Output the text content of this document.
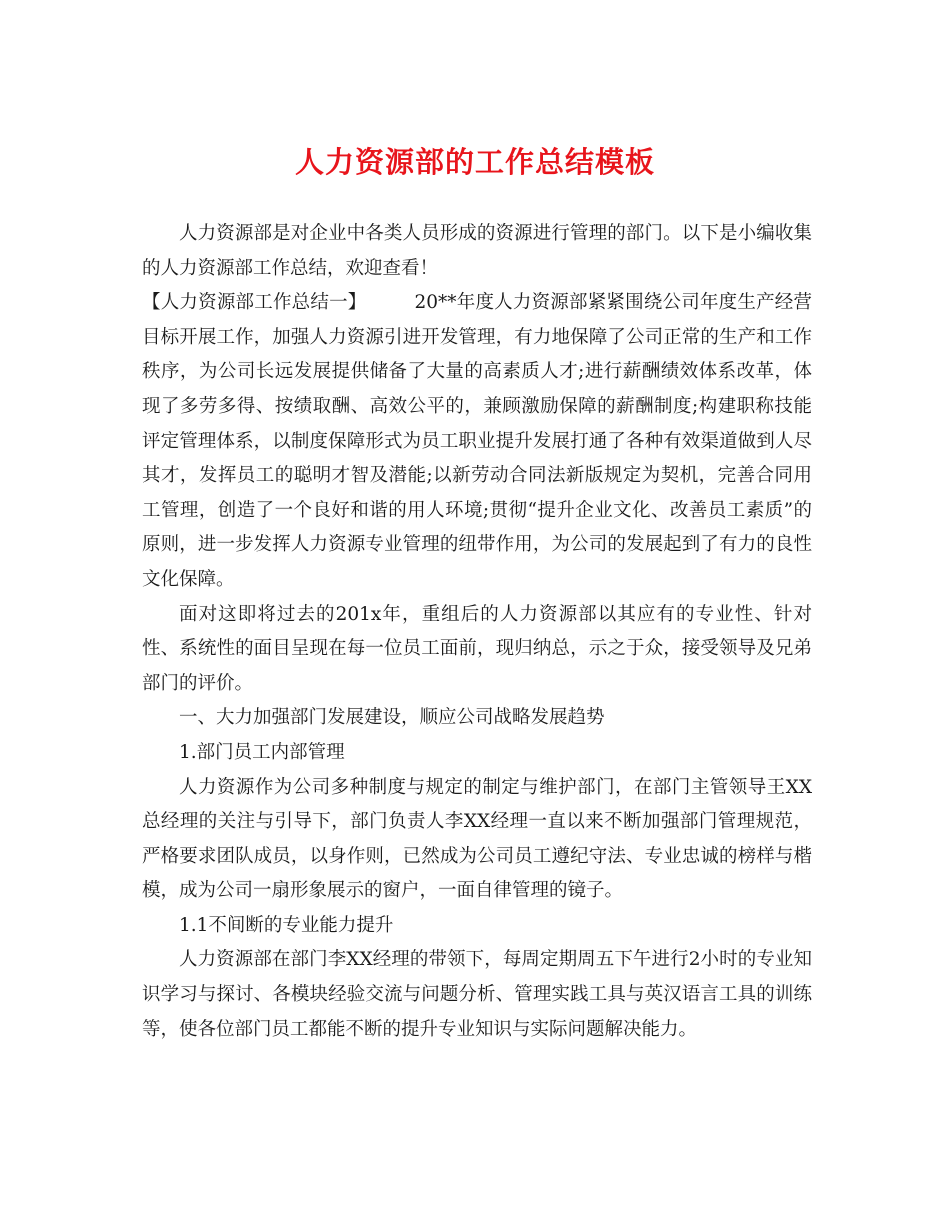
人力资源部的工作总结模板

人力资源部是对企业中各类人员形成的资源进行管理的部门。以下是小编收集的人力资源部工作总结，欢迎查看！

【人力资源部工作总结一】	20**年度人力资源部紧紧围绕公司年度生产经营目标开展工作，加强人力资源引进开发管理，有力地保障了公司正常的生产和工作秩序，为公司长远发展提供储备了大量的高素质人才;进行薪酬绩效体系改革，体现了多劳多得、按绩取酬、高效公平的，兼顾激励保障的薪酬制度;构建职称技能评定管理体系，以制度保障形式为员工职业提升发展打通了各种有效渠道做到人尽其才，发挥员工的聪明才智及潜能;以新劳动合同法新版规定为契机，完善合同用工管理，创造了一个良好和谐的用人环境;贯彻“提升企业文化、改善员工素质”的原则，进一步发挥人力资源专业管理的纽带作用，为公司的发展起到了有力的良性文化保障。

面对这即将过去的201x年，重组后的人力资源部以其应有的专业性、针对性、系统性的面目呈现在每一位员工面前，现归纳总，示之于众，接受领导及兄弟部门的评价。

一、大力加强部门发展建设，顺应公司战略发展趋势

1.部门员工内部管理

人力资源作为公司多种制度与规定的制定与维护部门，在部门主管领导王XX总经理的关注与引导下，部门负责人李XX经理一直以来不断加强部门管理规范，严格要求团队成员，以身作则，已然成为公司员工遵纪守法、专业忠诚的榜样与楷模，成为公司一扇形象展示的窗户，一面自律管理的镜子。

1.1不间断的专业能力提升

人力资源部在部门李XX经理的带领下，每周定期周五下午进行2小时的专业知识学习与探讨、各模块经验交流与问题分析、管理实践工具与英汉语言工具的训练等，使各位部门员工都能不断的提升专业知识与实际问题解决能力。
